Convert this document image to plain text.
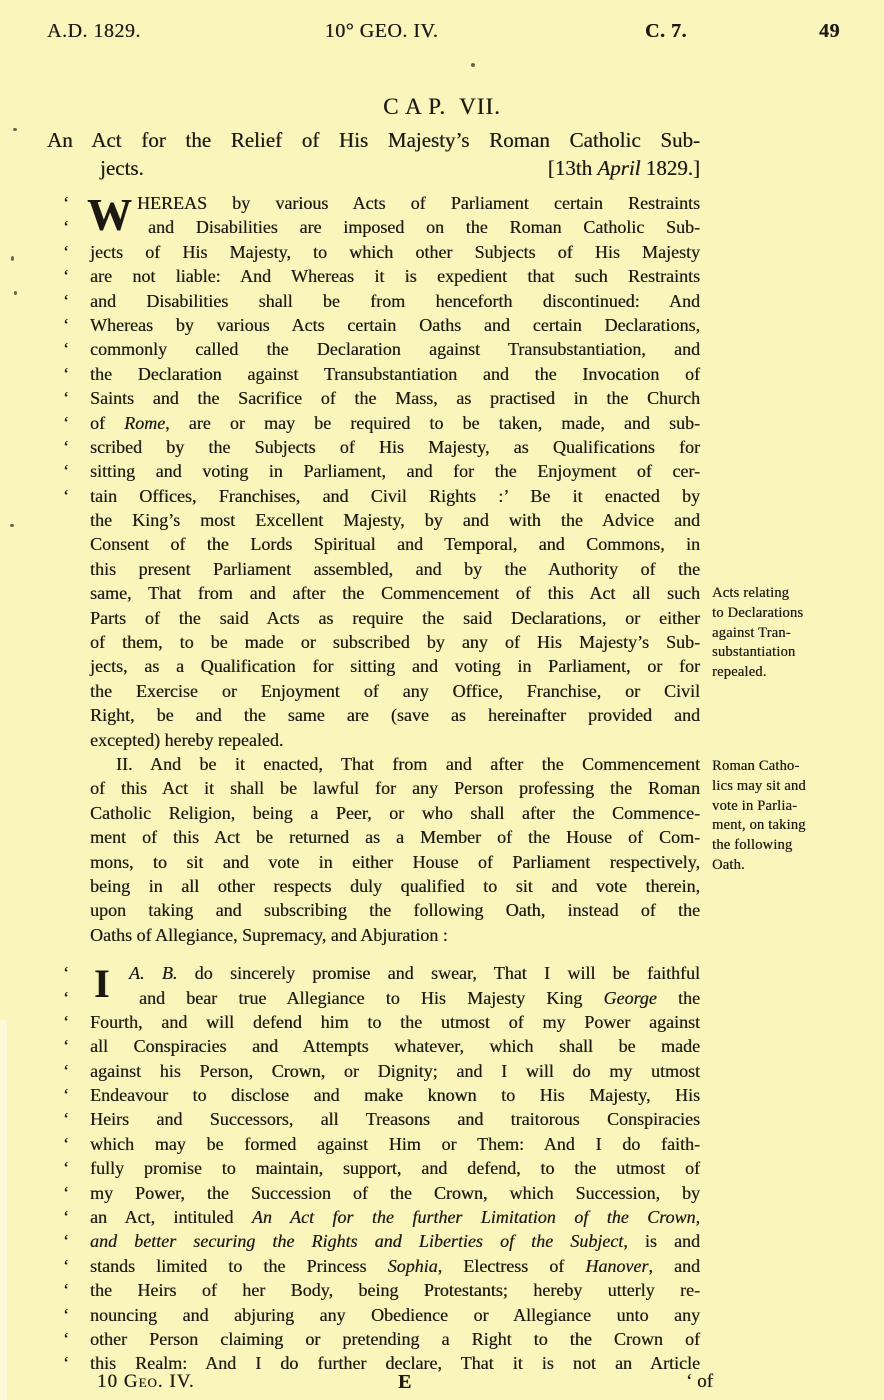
A.D. 1829.	10° GEO. IV.	C. 7.	49
C A P.  VII.
An Act for the Relief of His Majesty’s Roman Catholic Sub-
jects.	[13th April 1829.]
W
‘	HEREAS by various Acts of Parliament certain Restraints
‘	and Disabilities are imposed on the Roman Catholic Sub-
‘	jects of His Majesty, to which other Subjects of His Majesty
‘	are not liable: And Whereas it is expedient that such Restraints
‘	and Disabilities shall be from henceforth discontinued: And
‘	Whereas by various Acts certain Oaths and certain Declarations,
‘	commonly called the Declaration against Transubstantiation, and
‘	the Declaration against Transubstantiation and the Invocation of
‘	Saints and the Sacrifice of the Mass, as practised in the Church
‘	of Rome, are or may be required to be taken, made, and sub-
‘	scribed by the Subjects of His Majesty, as Qualifications for
‘	sitting and voting in Parliament, and for the Enjoyment of cer-
‘	tain Offices, Franchises, and Civil Rights :’ Be it enacted by
the King’s most Excellent Majesty, by and with the Advice and
Consent of the Lords Spiritual and Temporal, and Commons, in
this present Parliament assembled, and by the Authority of the
same, That from and after the Commencement of this Act all such
Parts of the said Acts as require the said Declarations, or either
of them, to be made or subscribed by any of His Majesty’s Sub-
jects, as a Qualification for sitting and voting in Parliament, or for
the Exercise or Enjoyment of any Office, Franchise, or Civil
Right, be and the same are (save as hereinafter provided and
excepted) hereby repealed.
II. And be it enacted, That from and after the Commencement
of this Act it shall be lawful for any Person professing the Roman
Catholic Religion, being a Peer, or who shall after the Commence-
ment of this Act be returned as a Member of the House of Com-
mons, to sit and vote in either House of Parliament respectively,
being in all other respects duly qualified to sit and vote therein,
upon taking and subscribing the following Oath, instead of the
Oaths of Allegiance, Supremacy, and Abjuration :
I
‘	A. B. do sincerely promise and swear, That I will be faithful
‘	and bear true Allegiance to His Majesty King George the
‘	Fourth, and will defend him to the utmost of my Power against
‘	all Conspiracies and Attempts whatever, which shall be made
‘	against his Person, Crown, or Dignity; and I will do my utmost
‘	Endeavour to disclose and make known to His Majesty, His
‘	Heirs and Successors, all Treasons and traitorous Conspiracies
‘	which may be formed against Him or Them: And I do faith-
‘	fully promise to maintain, support, and defend, to the utmost of
‘	my Power, the Succession of the Crown, which Succession, by
‘	an Act, intituled An Act for the further Limitation of the Crown,
‘	and better securing the Rights and Liberties of the Subject, is and
‘	stands limited to the Princess Sophia, Electress of Hanover, and
‘	the Heirs of her Body, being Protestants; hereby utterly re-
‘	nouncing and abjuring any Obedience or Allegiance unto any
‘	other Person claiming or pretending a Right to the Crown of
‘	this Realm: And I do further declare, That it is not an Article
Acts relating
to Declarations
against Tran-
substantiation
repealed.
Roman Catho-
lics may sit and
vote in Parlia-
ment, on taking
the following
Oath.
10 Geo. IV.	E	‘ of
